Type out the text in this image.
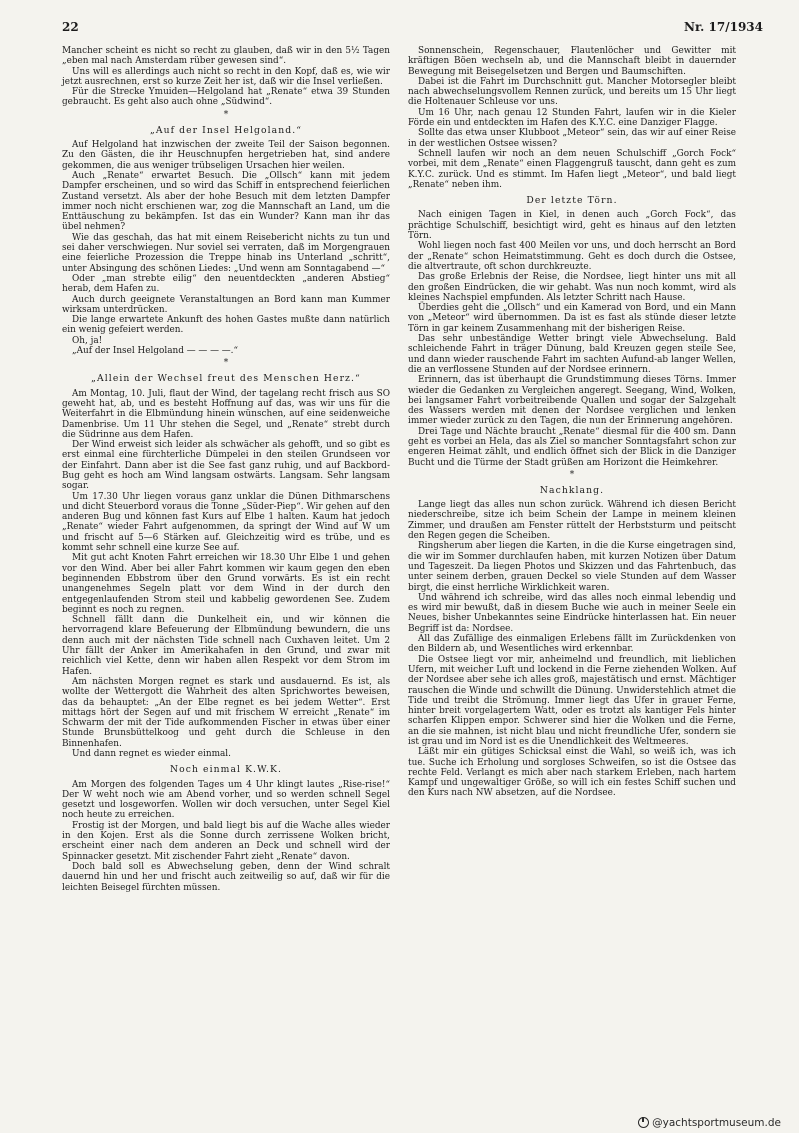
22	Nr. 17/1934

Mancher scheint es nicht so recht zu glauben, daß wir in den 5½ Tagen „eben mal nach Amsterdam rüber gewesen sind“.

Uns will es allerdings auch nicht so recht in den Kopf, daß es, wie wir jetzt ausrechnen, erst so kurze Zeit her ist, daß wir die Insel verließen.

Für die Strecke Ymuiden—Helgoland hat „Renate“ etwa 39 Stunden gebraucht. Es geht also auch ohne „Südwind“.

*
„Auf der Insel Helgoland.“

Auf Helgoland hat inzwischen der zweite Teil der Saison begonnen. Zu den Gästen, die ihr Heuschnupfen hergetrieben hat, sind andere gekommen, die aus weniger trübseligen Ursachen hier weilen.

Auch „Renate“ erwartet Besuch. Die „Ollsch“ kann mit jedem Dampfer erscheinen, und so wird das Schiff in entsprechend feierlichen Zustand versetzt. Als aber der hohe Besuch mit dem letzten Dampfer immer noch nicht erschienen war, zog die Mannschaft an Land, um die Enttäuschung zu bekämpfen. Ist das ein Wunder? Kann man ihr das übel nehmen?

Wie das geschah, das hat mit einem Reisebericht nichts zu tun und sei daher verschwiegen. Nur soviel sei verraten, daß im Morgengrauen eine feierliche Prozession die Treppe hinab ins Unterland „schritt“, unter Absingung des schönen Liedes: „Und wenn am Sonntagabend —“

Oder „man strebte eilig“ den neuentdeckten „anderen Abstieg“ herab, dem Hafen zu.

Auch durch geeignete Veranstaltungen an Bord kann man Kummer wirksam unterdrücken.

Die lange erwartete Ankunft des hohen Gastes mußte dann natürlich ein wenig gefeiert werden.

Oh, ja!

„Auf der Insel Helgoland — — — —.“

*
„Allein der Wechsel freut des Menschen Herz.“

Am Montag, 10. Juli, flaut der Wind, der tagelang recht frisch aus SO geweht hat, ab, und es besteht Hoffnung auf das, was wir uns für die Weiterfahrt in die Elbmündung hinein wünschen, auf eine seidenweiche Damenbrise. Um 11 Uhr stehen die Segel, und „Renate“ strebt durch die Südrinne aus dem Hafen.

Der Wind erweist sich leider als schwächer als gehofft, und so gibt es erst einmal eine fürchterliche Dümpelei in den steilen Grundseen vor der Einfahrt. Dann aber ist die See fast ganz ruhig, und auf Backbord-Bug geht es hoch am Wind langsam ostwärts. Langsam. Sehr langsam sogar.

Um 17.30 Uhr liegen voraus ganz unklar die Dünen Dithmarschens und dicht Steuerbord voraus die Tonne „Süder-Piep“. Wir gehen auf den anderen Bug und können fast Kurs auf Elbe 1 halten. Kaum hat jedoch „Renate“ wieder Fahrt aufgenommen, da springt der Wind auf W um und frischt auf 5—6 Stärken auf. Gleichzeitig wird es trübe, und es kommt sehr schnell eine kurze See auf.

Mit gut acht Knoten Fahrt erreichen wir 18.30 Uhr Elbe 1 und gehen vor den Wind. Aber bei aller Fahrt kommen wir kaum gegen den eben beginnenden Ebbstrom über den Grund vorwärts. Es ist ein recht unangenehmes Segeln platt vor dem Wind in der durch den entgegenlaufenden Strom steil und kabbelig gewordenen See. Zudem beginnt es noch zu regnen.

Schnell fällt dann die Dunkelheit ein, und wir können die hervorragend klare Befeuerung der Elbmündung bewundern, die uns denn auch mit der nächsten Tide schnell nach Cuxhaven leitet. Um 2 Uhr fällt der Anker im Amerikahafen in den Grund, und zwar mit reichlich viel Kette, denn wir haben allen Respekt vor dem Strom im Hafen.

Am nächsten Morgen regnet es stark und ausdauernd. Es ist, als wollte der Wettergott die Wahrheit des alten Sprichwortes beweisen, das da behauptet: „An der Elbe regnet es bei jedem Wetter“. Erst mittags hört der Segen auf und mit frischem W erreicht „Renate“ im Schwarm der mit der Tide aufkommenden Fischer in etwas über einer Stunde Brunsbüttelkoog und geht durch die Schleuse in den Binnenhafen.

Und dann regnet es wieder einmal.

Noch einmal K.W.K.

Am Morgen des folgenden Tages um 4 Uhr klingt lautes „Rise-rise!“ Der W weht noch wie am Abend vorher, und so werden schnell Segel gesetzt und losgeworfen. Wollen wir doch versuchen, unter Segel Kiel noch heute zu erreichen.

Frostig ist der Morgen, und bald liegt bis auf die Wache alles wieder in den Kojen. Erst als die Sonne durch zerrissene Wolken bricht, erscheint einer nach dem anderen an Deck und schnell wird der Spinnacker gesetzt. Mit zischender Fahrt zieht „Renate“ davon.

Doch bald soll es Abwechselung geben, denn der Wind schralt dauernd hin und her und frischt auch zeitweilig so auf, daß wir für die leichten Beisegel fürchten müssen.

Sonnenschein, Regenschauer, Flautenlöcher und Gewitter mit kräftigen Böen wechseln ab, und die Mannschaft bleibt in dauernder Bewegung mit Beisegelsetzen und Bergen und Baumschiften.

Dabei ist die Fahrt im Durchschnitt gut. Mancher Motorsegler bleibt nach abwechselungsvollem Rennen zurück, und bereits um 15 Uhr liegt die Holtenauer Schleuse vor uns.

Um 16 Uhr, nach genau 12 Stunden Fahrt, laufen wir in die Kieler Förde ein und entdeckten im Hafen des K.Y.C. eine Danziger Flagge.

Sollte das etwa unser Klubboot „Meteor“ sein, das wir auf einer Reise in der westlichen Ostsee wissen?

Schnell laufen wir noch an dem neuen Schulschiff „Gorch Fock“ vorbei, mit dem „Renate“ einen Flaggengruß tauscht, dann geht es zum K.Y.C. zurück. Und es stimmt. Im Hafen liegt „Meteor“, und bald liegt „Renate“ neben ihm.

Der letzte Törn.

Nach einigen Tagen in Kiel, in denen auch „Gorch Fock“, das prächtige Schulschiff, besichtigt wird, geht es hinaus auf den letzten Törn.

Wohl liegen noch fast 400 Meilen vor uns, und doch herrscht an Bord der „Renate“ schon Heimatstimmung. Geht es doch durch die Ostsee, die altvertraute, oft schon durchkreuzte.

Das große Erlebnis der Reise, die Nordsee, liegt hinter uns mit all den großen Eindrücken, die wir gehabt. Was nun noch kommt, wird als kleines Nachspiel empfunden. Als letzter Schritt nach Hause.

Überdies geht die „Ollsch“ und ein Kamerad von Bord, und ein Mann von „Meteor“ wird übernommen. Da ist es fast als stünde dieser letzte Törn in gar keinem Zusammenhang mit der bisherigen Reise.

Das sehr unbeständige Wetter bringt viele Abwechselung. Bald schleichende Fahrt in träger Dünung, bald Kreuzen gegen steile See, und dann wieder rauschende Fahrt im sachten Aufund-ab langer Wellen, die an verflossene Stunden auf der Nordsee erinnern.

Erinnern, das ist überhaupt die Grundstimmung dieses Törns. Immer wieder die Gedanken zu Vergleichen angeregt. Seegang, Wind, Wolken, bei langsamer Fahrt vorbeitreibende Quallen und sogar der Salzgehalt des Wassers werden mit denen der Nordsee verglichen und lenken immer wieder zurück zu den Tagen, die nun der Erinnerung angehören.

Drei Tage und Nächte braucht „Renate“ diesmal für die 400 sm. Dann geht es vorbei an Hela, das als Ziel so mancher Sonntagsfahrt schon zur engeren Heimat zählt, und endlich öffnet sich der Blick in die Danziger Bucht und die Türme der Stadt grüßen am Horizont die Heimkehrer.

*
Nachklang.

Lange liegt das alles nun schon zurück. Während ich diesen Bericht niederschreibe, sitze ich beim Schein der Lampe in meinem kleinen Zimmer, und draußen am Fenster rüttelt der Herbststurm und peitscht den Regen gegen die Scheiben.

Ringsherum aber liegen die Karten, in die die Kurse eingetragen sind, die wir im Sommer durchlaufen haben, mit kurzen Notizen über Datum und Tageszeit. Da liegen Photos und Skizzen und das Fahrtenbuch, das unter seinem derben, grauen Deckel so viele Stunden auf dem Wasser birgt, die einst herrliche Wirklichkeit waren.

Und während ich schreibe, wird das alles noch einmal lebendig und es wird mir bewußt, daß in diesem Buche wie auch in meiner Seele ein Neues, bisher Unbekanntes seine Eindrücke hinterlassen hat. Ein neuer Begriff ist da: Nordsee.

All das Zufällige des einmaligen Erlebens fällt im Zurückdenken von den Bildern ab, und Wesentliches wird erkennbar.

Die Ostsee liegt vor mir, anheimelnd und freundlich, mit lieblichen Ufern, mit weicher Luft und lockend in die Ferne ziehenden Wolken. Auf der Nordsee aber sehe ich alles groß, majestätisch und ernst. Mächtiger rauschen die Winde und schwillt die Dünung. Unwiderstehlich atmet die Tide und treibt die Strömung. Immer liegt das Ufer in grauer Ferne, hinter breit vorgelagertem Watt, oder es trotzt als kantiger Fels hinter scharfen Klippen empor. Schwerer sind hier die Wolken und die Ferne, an die sie mahnen, ist nicht blau und nicht freundliche Ufer, sondern sie ist grau und im Nord ist es die Unendlichkeit des Weltmeeres.

Läßt mir ein gütiges Schicksal einst die Wahl, so weiß ich, was ich tue. Suche ich Erholung und sorgloses Schweifen, so ist die Ostsee das rechte Feld. Verlangt es mich aber nach starkem Erleben, nach hartem Kampf und ungewaltiger Größe, so will ich ein festes Schiff suchen und den Kurs nach NW absetzen, auf die Nordsee.

@yachtsportmuseum.de
